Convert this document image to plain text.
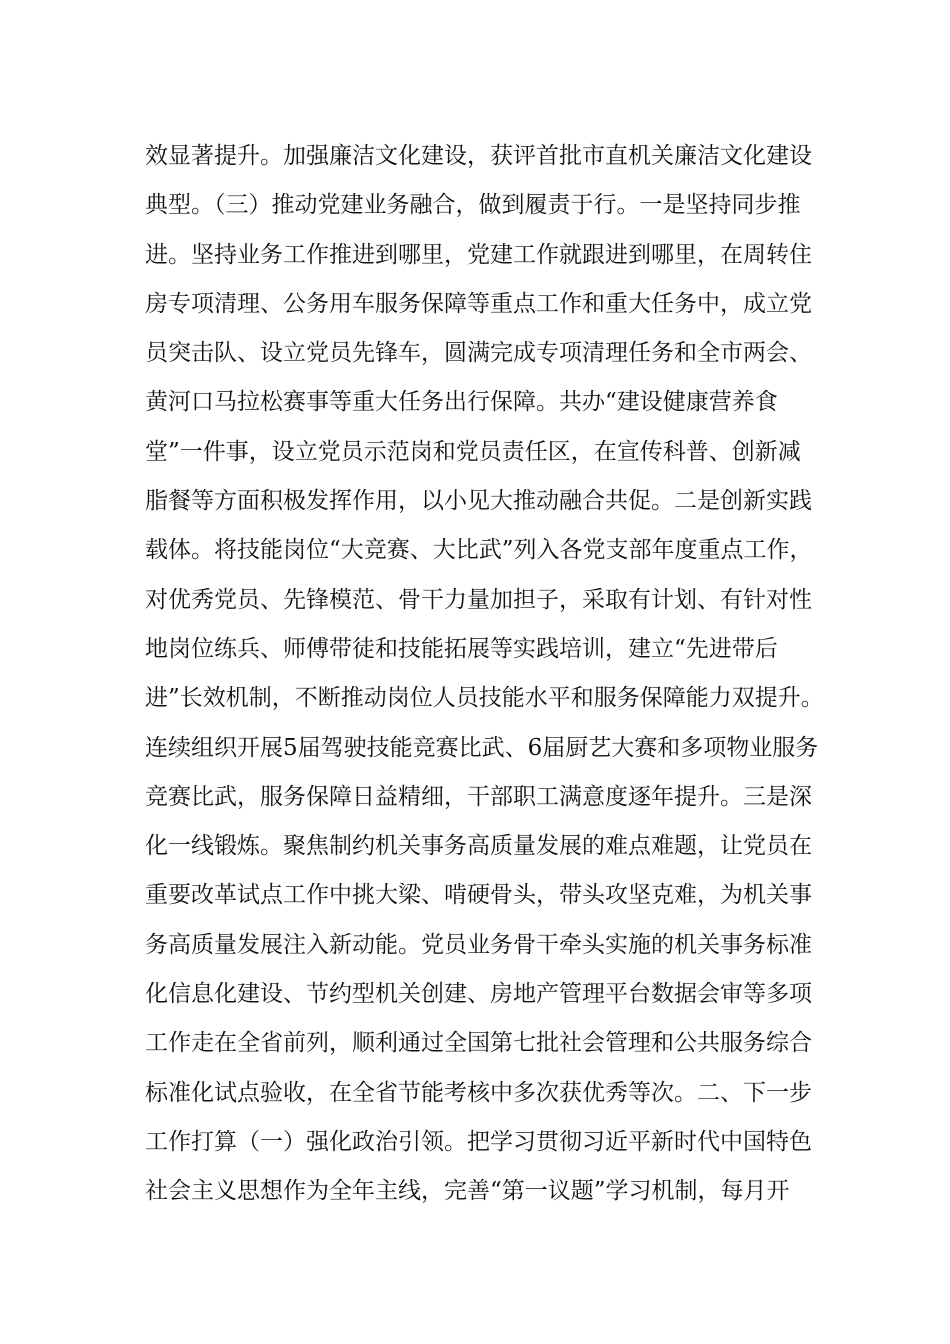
效显著提升。加强廉洁文化建设，获评首批市直机关廉洁文化建设
典型。（三）推动党建业务融合，做到履责于行。一是坚持同步推
进。坚持业务工作推进到哪里，党建工作就跟进到哪里，在周转住
房专项清理、公务用车服务保障等重点工作和重大任务中，成立党
员突击队、设立党员先锋车，圆满完成专项清理任务和全市两会、
黄河口马拉松赛事等重大任务出行保障。共办“建设健康营养食
堂”一件事，设立党员示范岗和党员责任区，在宣传科普、创新减
脂餐等方面积极发挥作用，以小见大推动融合共促。二是创新实践
载体。将技能岗位“大竞赛、大比武”列入各党支部年度重点工作，
对优秀党员、先锋模范、骨干力量加担子，采取有计划、有针对性
地岗位练兵、师傅带徒和技能拓展等实践培训，建立“先进带后
进”长效机制，不断推动岗位人员技能水平和服务保障能力双提升。
连续组织开展5届驾驶技能竞赛比武、6届厨艺大赛和多项物业服务
竞赛比武，服务保障日益精细，干部职工满意度逐年提升。三是深
化一线锻炼。聚焦制约机关事务高质量发展的难点难题，让党员在
重要改革试点工作中挑大梁、啃硬骨头，带头攻坚克难，为机关事
务高质量发展注入新动能。党员业务骨干牵头实施的机关事务标准
化信息化建设、节约型机关创建、房地产管理平台数据会审等多项
工作走在全省前列，顺利通过全国第七批社会管理和公共服务综合
标准化试点验收，在全省节能考核中多次获优秀等次。二、下一步
工作打算（一）强化政治引领。把学习贯彻习近平新时代中国特色
社会主义思想作为全年主线，完善“第一议题”学习机制，每月开
